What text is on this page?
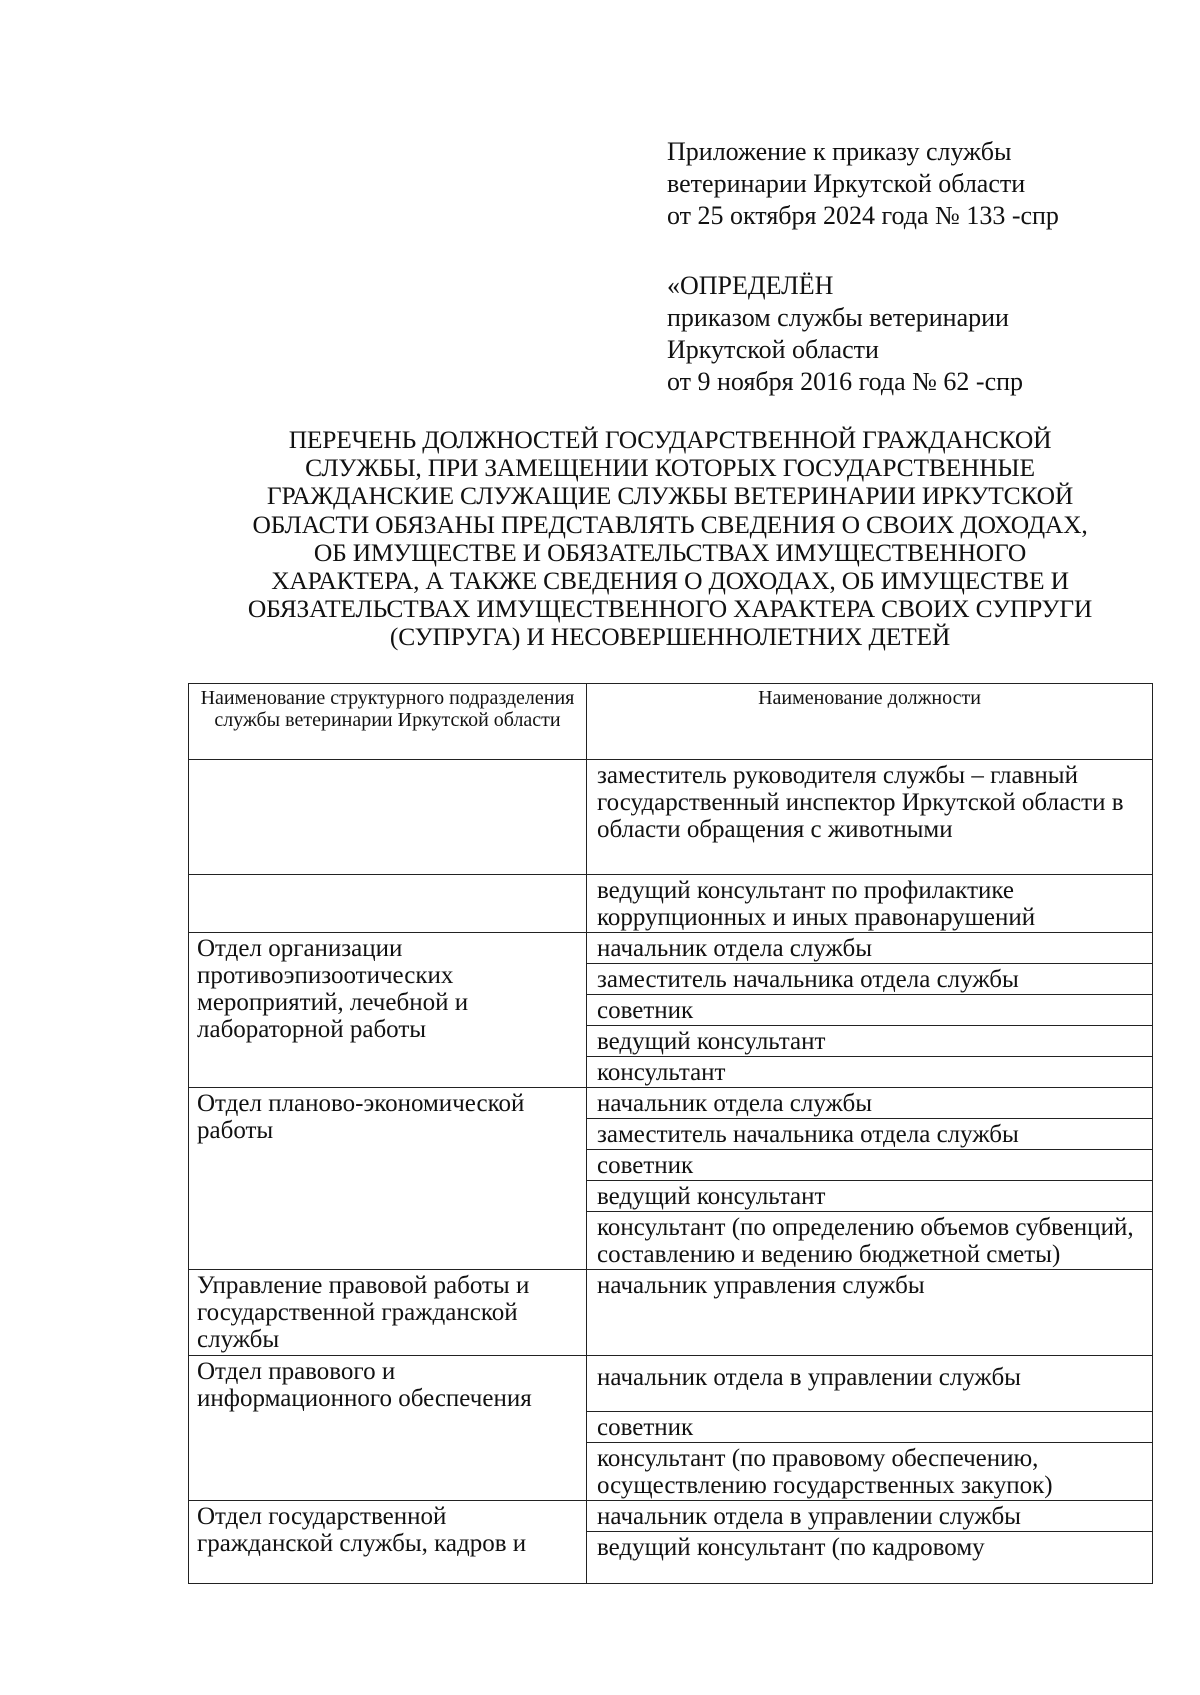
Приложение к приказу службы
ветеринарии Иркутской области
от 25 октября 2024 года № 133 -спр
«ОПРЕДЕЛЁН
приказом службы ветеринарии
Иркутской области
от 9 ноября 2016 года № 62 -спр
ПЕРЕЧЕНЬ ДОЛЖНОСТЕЙ ГОСУДАРСТВЕННОЙ ГРАЖДАНСКОЙ
СЛУЖБЫ, ПРИ ЗАМЕЩЕНИИ КОТОРЫХ ГОСУДАРСТВЕННЫЕ
ГРАЖДАНСКИЕ СЛУЖАЩИЕ СЛУЖБЫ ВЕТЕРИНАРИИ ИРКУТСКОЙ
ОБЛАСТИ ОБЯЗАНЫ ПРЕДСТАВЛЯТЬ СВЕДЕНИЯ О СВОИХ ДОХОДАХ,
ОБ ИМУЩЕСТВЕ И ОБЯЗАТЕЛЬСТВАХ ИМУЩЕСТВЕННОГО
ХАРАКТЕРА, А ТАКЖЕ СВЕДЕНИЯ О ДОХОДАХ, ОБ ИМУЩЕСТВЕ И
ОБЯЗАТЕЛЬСТВАХ ИМУЩЕСТВЕННОГО ХАРАКТЕРА СВОИХ СУПРУГИ
(СУПРУГА) И НЕСОВЕРШЕННОЛЕТНИХ ДЕТЕЙ
Наименование структурного подразделения службы ветеринарии Иркутской области	Наименование должности
	заместитель руководителя службы – главный государственный инспектор Иркутской области в области обращения с животными
	ведущий консультант по профилактике коррупционных и иных правонарушений
Отдел организации противоэпизоотических мероприятий, лечебной и лабораторной работы	начальник отдела службы
	заместитель начальника отдела службы
	советник
	ведущий консультант
	консультант
Отдел планово-экономической работы	начальник отдела службы
	заместитель начальника отдела службы
	советник
	ведущий консультант
	консультант (по определению объемов субвенций, составлению и ведению бюджетной сметы)
Управление правовой работы и государственной гражданской службы	начальник управления службы
Отдел правового и информационного обеспечения	начальник отдела в управлении службы
	советник
	консультант (по правовому обеспечению, осуществлению государственных закупок)
Отдел государственной гражданской службы, кадров и	начальник отдела в управлении службы
	ведущий консультант (по кадровому
